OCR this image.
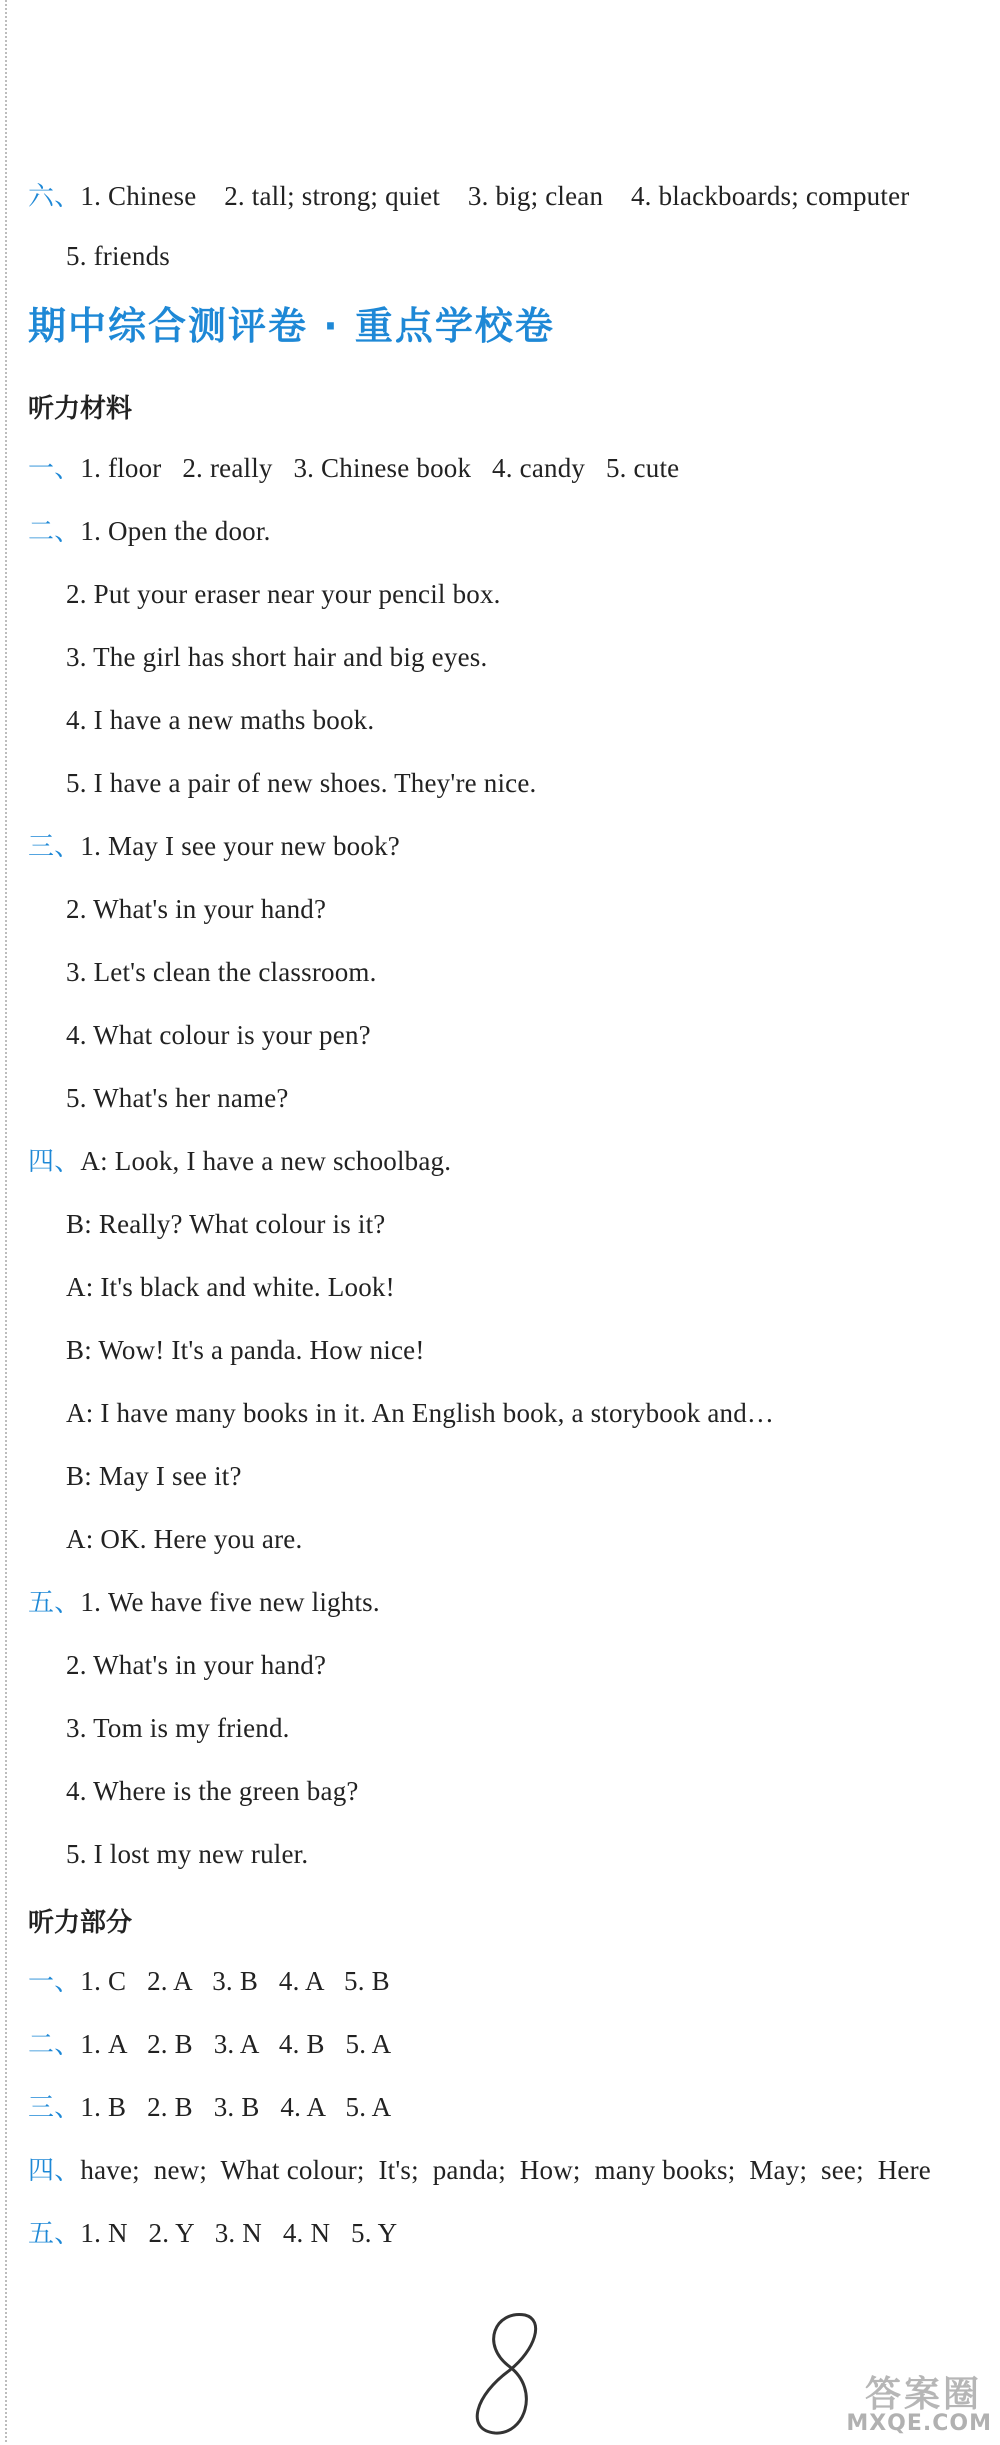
六、1. Chinese    2. tall; strong; quiet    3. big; clean    4. blackboards; computer
5. friends
期中综合测评卷 · 重点学校卷
听力材料
一、1. floor   2. really   3. Chinese book   4. candy   5. cute
二、1. Open the door.
2. Put your eraser near your pencil box.
3. The girl has short hair and big eyes.
4. I have a new maths book.
5. I have a pair of new shoes. They're nice.
三、1. May I see your new book?
2. What's in your hand?
3. Let's clean the classroom.
4. What colour is your pen?
5. What's her name?
四、A: Look, I have a new schoolbag.
B: Really? What colour is it?
A: It's black and white. Look!
B: Wow! It's a panda. How nice!
A: I have many books in it. An English book, a storybook and…
B: May I see it?
A: OK. Here you are.
五、1. We have five new lights.
2. What's in your hand?
3. Tom is my friend.
4. Where is the green bag?
5. I lost my new ruler.
听力部分
一、1. C   2. A   3. B   4. A   5. B
二、1. A   2. B   3. A   4. B   5. A
三、1. B   2. B   3. B   4. A   5. A
四、have;  new;  What colour;  It's;  panda;  How;  many books;  May;  see;  Here
五、1. N   2. Y   3. N   4. N   5. Y
答案圈
MXQE.COM
